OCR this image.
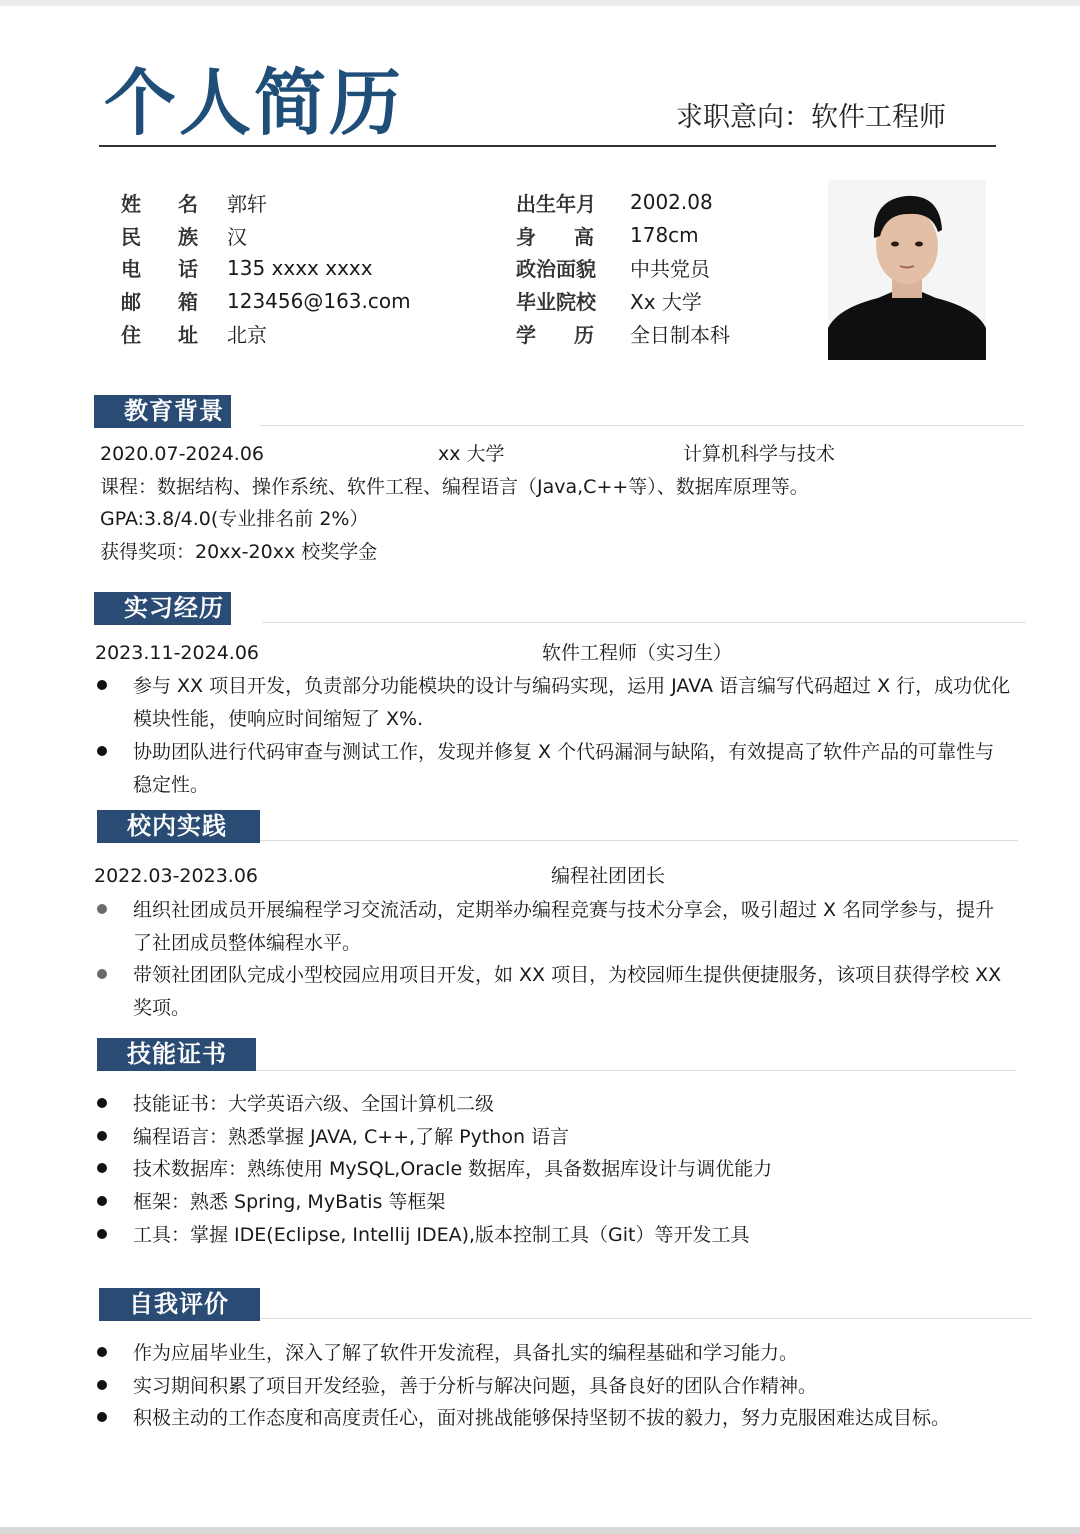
个人简历	求职意向：软件工程师
姓名 郭轩
民族 汉
电话 135 xxxx xxxx
邮箱 123456@163.com
住址 北京
出生年月 2002.08
身高 178cm
政治面貌 中共党员
毕业院校 Xx 大学
学历 全日制本科
教育背景
2020.07-2024.06	xx 大学	计算机科学与技术
课程：数据结构、操作系统、软件工程、编程语言（Java,C++等）、数据库原理等。
GPA:3.8/4.0(专业排名前 2%）
获得奖项：20xx-20xx 校奖学金
实习经历
2023.11-2024.06	软件工程师（实习生）
参与 XX 项目开发，负责部分功能模块的设计与编码实现，运用 JAVA 语言编写代码超过 X 行，成功优化模块性能，使响应时间缩短了 X%.
协助团队进行代码审查与测试工作，发现并修复 X 个代码漏洞与缺陷，有效提高了软件产品的可靠性与稳定性。
校内实践
2022.03-2023.06	编程社团团长
组织社团成员开展编程学习交流活动，定期举办编程竞赛与技术分享会，吸引超过 X 名同学参与，提升了社团成员整体编程水平。
带领社团团队完成小型校园应用项目开发，如 XX 项目，为校园师生提供便捷服务，该项目获得学校 XX 奖项。
技能证书
技能证书：大学英语六级、全国计算机二级
编程语言：熟悉掌握 JAVA, C++,了解 Python 语言
技术数据库：熟练使用 MySQL,Oracle 数据库，具备数据库设计与调优能力
框架：熟悉 Spring, MyBatis 等框架
工具：掌握 IDE(Eclipse, Intellij IDEA),版本控制工具（Git）等开发工具
自我评价
作为应届毕业生，深入了解了软件开发流程，具备扎实的编程基础和学习能力。
实习期间积累了项目开发经验，善于分析与解决问题，具备良好的团队合作精神。
积极主动的工作态度和高度责任心，面对挑战能够保持坚韧不拔的毅力，努力克服困难达成目标。
